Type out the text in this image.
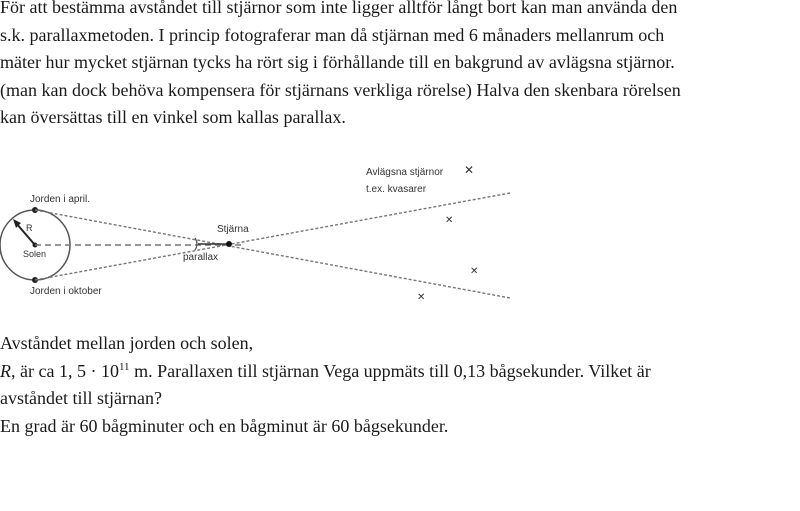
För att bestämma avståndet till stjärnor som inte ligger alltför långt bort kan man använda den
s.k. parallaxmetoden. I princip fotograferar man då stjärnan med 6 månaders mellanrum och
mäter hur mycket stjärnan tycks ha rört sig i förhållande till en bakgrund av avlägsna stjärnor.
(man kan dock behöva kompensera för stjärnans verkliga rörelse) Halva den skenbara rörelsen
kan översättas till en vinkel som kallas parallax.
✕
✕
✕
✕
Jorden i april.
Jorden i oktober
R
Solen
Stjärna
parallax
Avlägsna stjärnor
t.ex. kvasarer
Avståndet mellan jorden och solen,
R, är ca 1, $5 \cdot 10^{11}$ m. Parallaxen till stjärnan Vega uppmäts till 0,13 bågsekunder. Vilket är
avståndet till stjärnan?
En grad är 60 bågminuter och en bågminut är 60 bågsekunder.
